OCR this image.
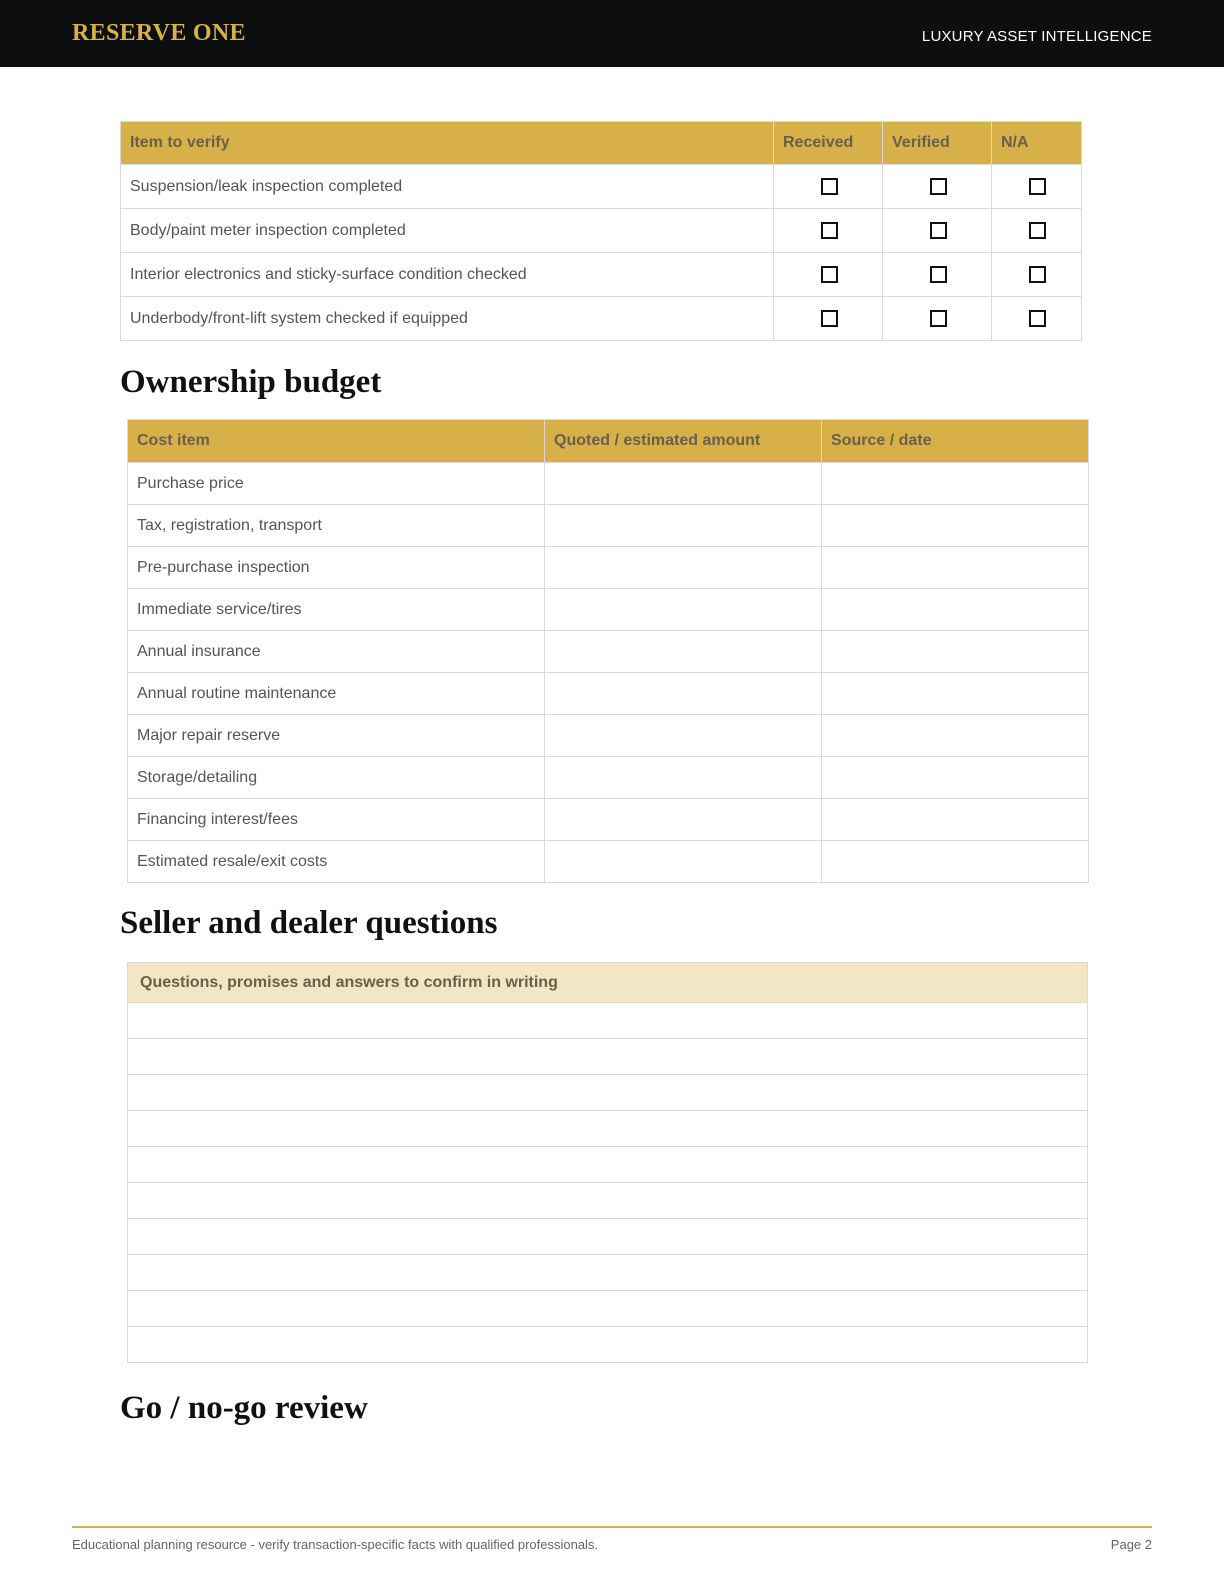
RESERVE ONE	LUXURY ASSET INTELLIGENCE
Item to verify	Received	Verified	N/A
Suspension/leak inspection completed			
Body/paint meter inspection completed			
Interior electronics and sticky-surface condition checked			
Underbody/front-lift system checked if equipped			
Ownership budget
Cost item	Quoted / estimated amount	Source / date
Purchase price		
Tax, registration, transport		
Pre-purchase inspection		
Immediate service/tires		
Annual insurance		
Annual routine maintenance		
Major repair reserve		
Storage/detailing		
Financing interest/fees		
Estimated resale/exit costs		
Seller and dealer questions
Questions, promises and answers to confirm in writing

Go / no-go review
Educational planning resource - verify transaction-specific facts with qualified professionals.	Page 2
